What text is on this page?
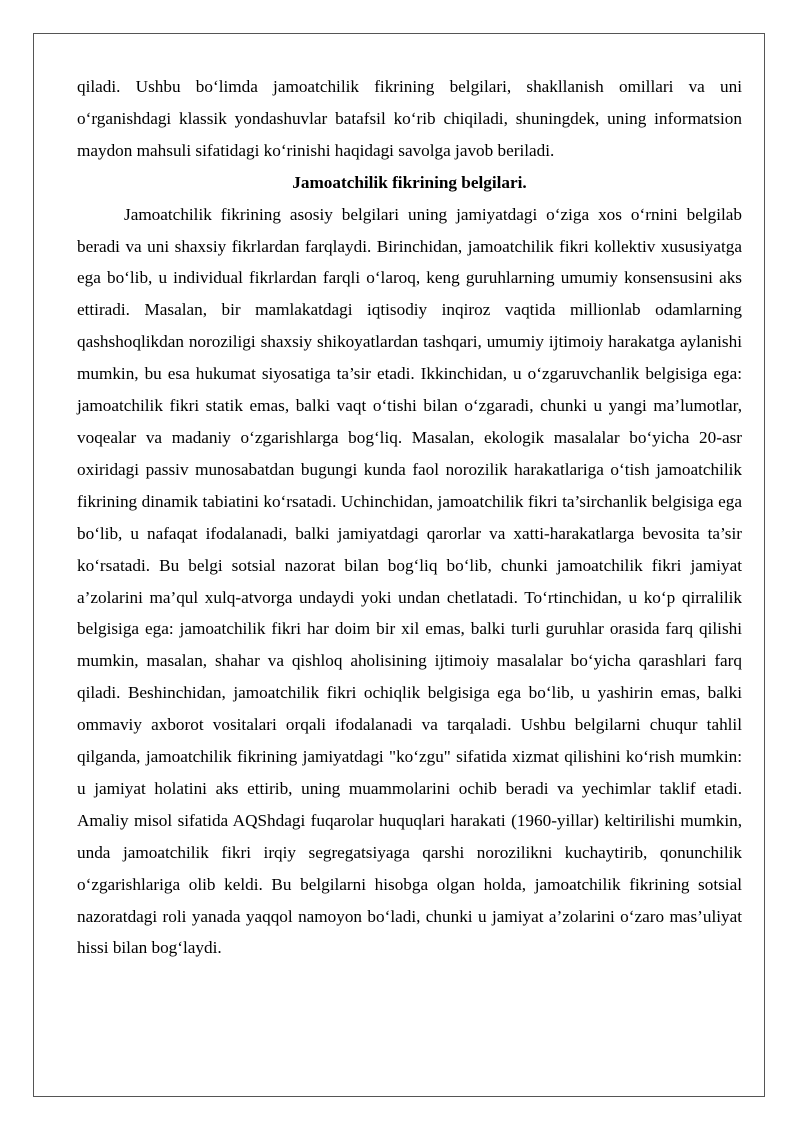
qiladi. Ushbu bo‘limda jamoatchilik fikrining belgilari, shakllanish omillari va uni o‘rganishdagi klassik yondashuvlar batafsil ko‘rib chiqiladi, shuningdek, uning informatsion maydon mahsuli sifatidagi ko‘rinishi haqidagi savolga javob beriladi.

Jamoatchilik fikrining belgilari.

Jamoatchilik fikrining asosiy belgilari uning jamiyatdagi o‘ziga xos o‘rnini belgilab beradi va uni shaxsiy fikrlardan farqlaydi. Birinchidan, jamoatchilik fikri kollektiv xususiyatga ega bo‘lib, u individual fikrlardan farqli o‘laroq, keng guruhlarning umumiy konsensusini aks ettiradi. Masalan, bir mamlakatdagi iqtisodiy inqiroz vaqtida millionlab odamlarning qashshoqlikdan noroziligi shaxsiy shikoyatlardan tashqari, umumiy ijtimoiy harakatga aylanishi mumkin, bu esa hukumat siyosatiga ta’sir etadi. Ikkinchidan, u o‘zgaruvchanlik belgisiga ega: jamoatchilik fikri statik emas, balki vaqt o‘tishi bilan o‘zgaradi, chunki u yangi ma’lumotlar, voqealar va madaniy o‘zgarishlarga bog‘liq. Masalan, ekologik masalalar bo‘yicha 20-asr oxiridagi passiv munosabatdan bugungi kunda faol norozilik harakatlariga o‘tish jamoatchilik fikrining dinamik tabiatini ko‘rsatadi. Uchinchidan, jamoatchilik fikri ta’sirchanlik belgisiga ega bo‘lib, u nafaqat ifodalanadi, balki jamiyatdagi qarorlar va xatti-harakatlarga bevosita ta’sir ko‘rsatadi. Bu belgi sotsial nazorat bilan bog‘liq bo‘lib, chunki jamoatchilik fikri jamiyat a’zolarini ma’qul xulq-atvorga undaydi yoki undan chetlatadi. To‘rtinchidan, u ko‘p qirralilik belgisiga ega: jamoatchilik fikri har doim bir xil emas, balki turli guruhlar orasida farq qilishi mumkin, masalan, shahar va qishloq aholisining ijtimoiy masalalar bo‘yicha qarashlari farq qiladi. Beshinchidan, jamoatchilik fikri ochiqlik belgisiga ega bo‘lib, u yashirin emas, balki ommaviy axborot vositalari orqali ifodalanadi va tarqaladi. Ushbu belgilarni chuqur tahlil qilganda, jamoatchilik fikrining jamiyatdagi "ko‘zgu" sifatida xizmat qilishini ko‘rish mumkin: u jamiyat holatini aks ettirib, uning muammolarini ochib beradi va yechimlar taklif etadi. Amaliy misol sifatida AQShdagi fuqarolar huquqlari harakati (1960-yillar) keltirilishi mumkin, unda jamoatchilik fikri irqiy segregatsiyaga qarshi norozilikni kuchaytirib, qonunchilik o‘zgarishlariga olib keldi. Bu belgilarni hisobga olgan holda, jamoatchilik fikrining sotsial nazoratdagi roli yanada yaqqol namoyon bo‘ladi, chunki u jamiyat a’zolarini o‘zaro mas’uliyat hissi bilan bog‘laydi.
